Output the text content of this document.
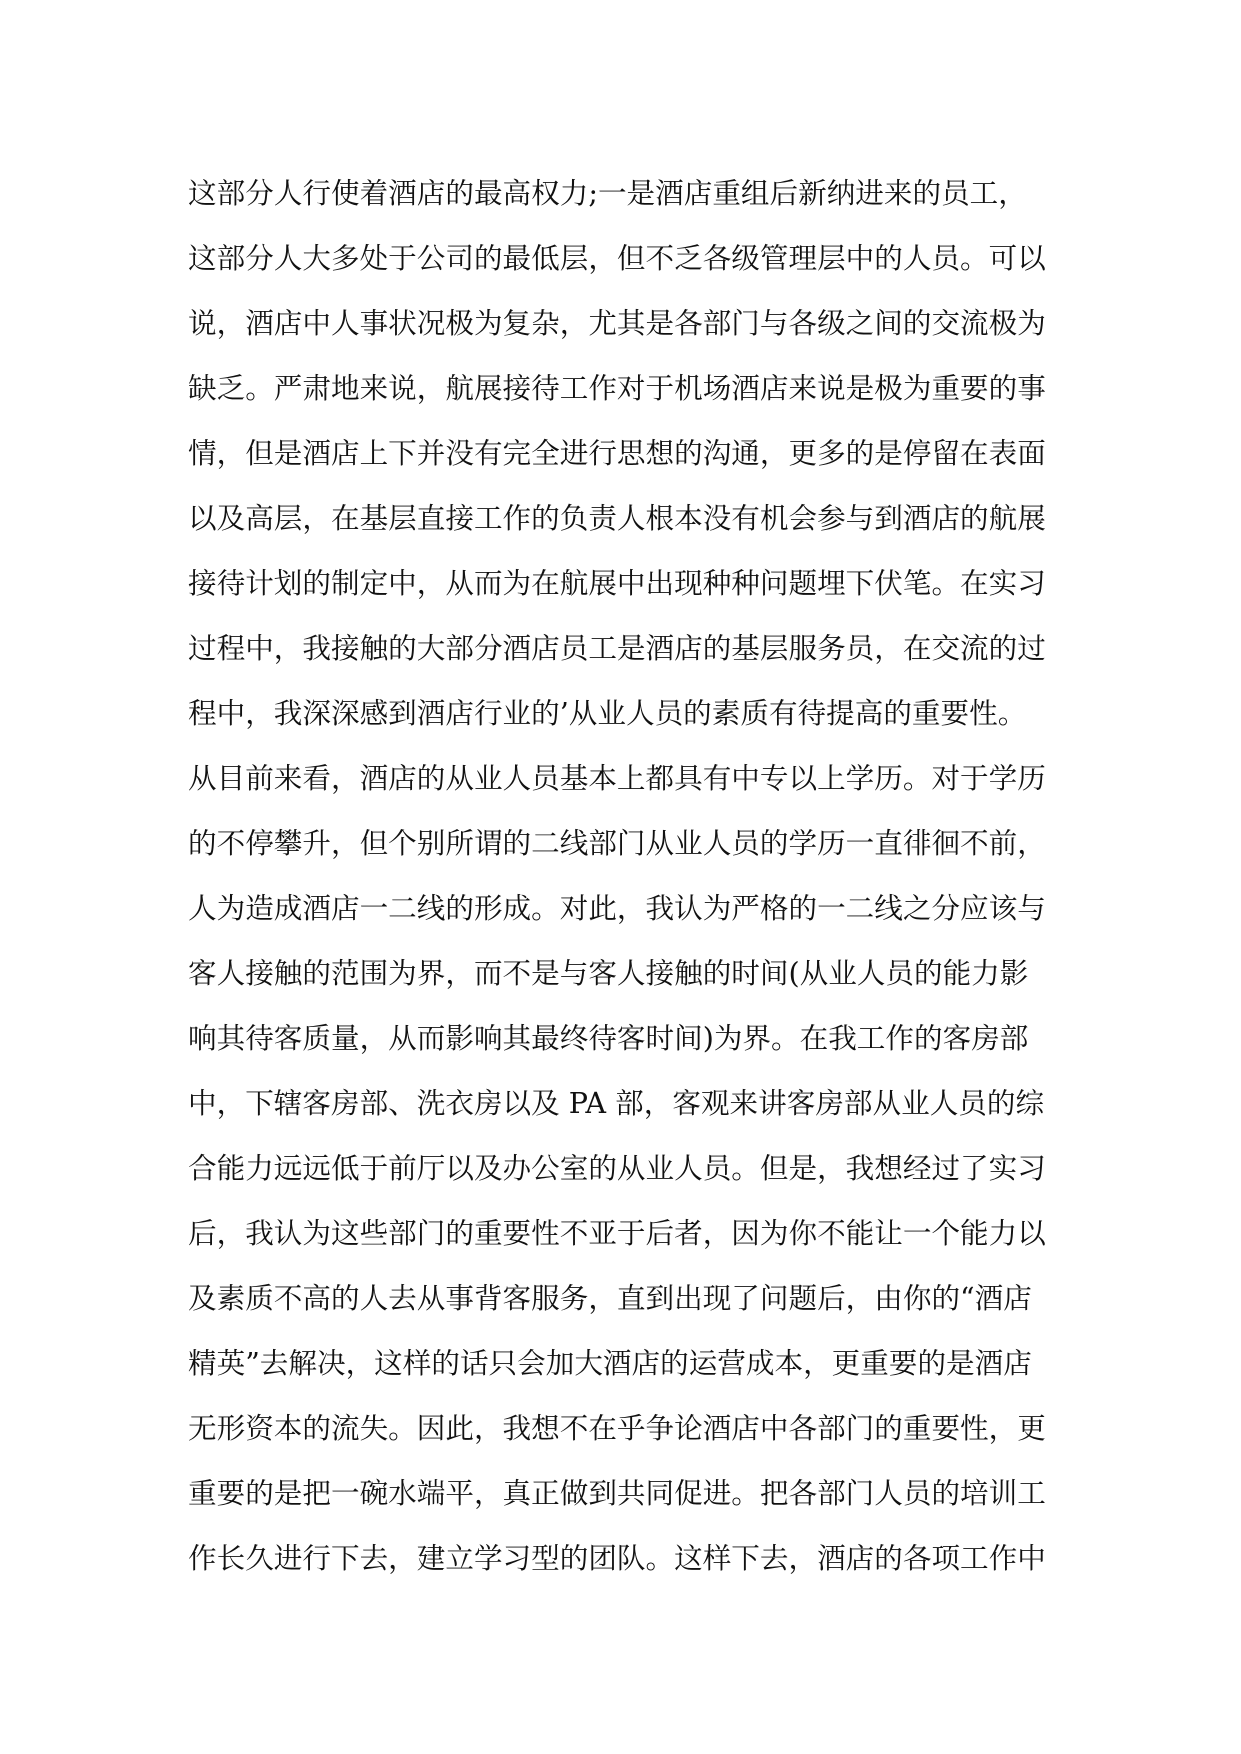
这部分人行使着酒店的最高权力;一是酒店重组后新纳进来的员工，
这部分人大多处于公司的最低层，但不乏各级管理层中的人员。可以
说，酒店中人事状况极为复杂，尤其是各部门与各级之间的交流极为
缺乏。严肃地来说，航展接待工作对于机场酒店来说是极为重要的事
情，但是酒店上下并没有完全进行思想的沟通，更多的是停留在表面
以及高层，在基层直接工作的负责人根本没有机会参与到酒店的航展
接待计划的制定中，从而为在航展中出现种种问题埋下伏笔。在实习
过程中，我接触的大部分酒店员工是酒店的基层服务员，在交流的过
程中，我深深感到酒店行业的’从业人员的素质有待提高的重要性。
从目前来看，酒店的从业人员基本上都具有中专以上学历。对于学历
的不停攀升，但个别所谓的二线部门从业人员的学历一直徘徊不前，
人为造成酒店一二线的形成。对此，我认为严格的一二线之分应该与
客人接触的范围为界，而不是与客人接触的时间(从业人员的能力影
响其待客质量，从而影响其最终待客时间)为界。在我工作的客房部
中，下辖客房部、洗衣房以及 PA 部，客观来讲客房部从业人员的综
合能力远远低于前厅以及办公室的从业人员。但是，我想经过了实习
后，我认为这些部门的重要性不亚于后者，因为你不能让一个能力以
及素质不高的人去从事背客服务，直到出现了问题后，由你的“酒店
精英”去解决，这样的话只会加大酒店的运营成本，更重要的是酒店
无形资本的流失。因此，我想不在乎争论酒店中各部门的重要性，更
重要的是把一碗水端平，真正做到共同促进。把各部门人员的培训工
作长久进行下去，建立学习型的团队。这样下去，酒店的各项工作中
